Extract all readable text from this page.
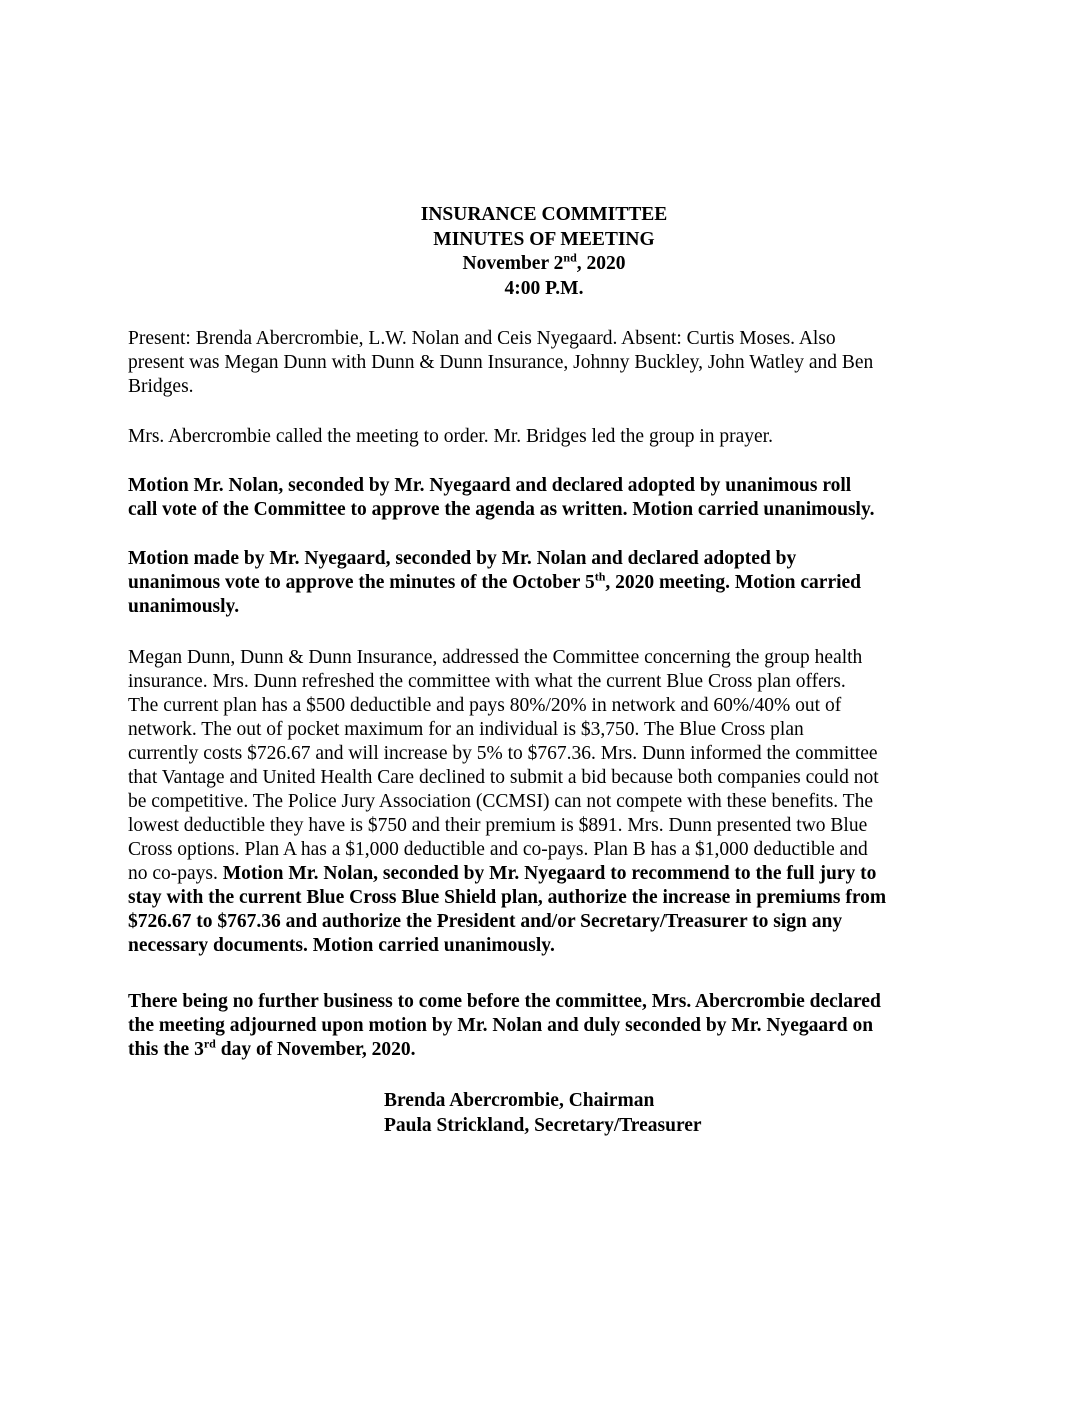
INSURANCE COMMITTEE
MINUTES OF MEETING
November 2nd, 2020
4:00 P.M.
Present: Brenda Abercrombie, L.W. Nolan and Ceis Nyegaard. Absent: Curtis Moses. Also
present was Megan Dunn with Dunn & Dunn Insurance, Johnny Buckley, John Watley and Ben
Bridges.
Mrs. Abercrombie called the meeting to order. Mr. Bridges led the group in prayer.
Motion Mr. Nolan, seconded by Mr. Nyegaard and declared adopted by unanimous roll
call vote of the Committee to approve the agenda as written. Motion carried unanimously.
Motion made by Mr. Nyegaard, seconded by Mr. Nolan and declared adopted by
unanimous vote to approve the minutes of the October 5th, 2020 meeting. Motion carried
unanimously.
Megan Dunn, Dunn & Dunn Insurance, addressed the Committee concerning the group health
insurance. Mrs. Dunn refreshed the committee with what the current Blue Cross plan offers.
The current plan has a $500 deductible and pays 80%/20% in network and 60%/40% out of
network. The out of pocket maximum for an individual is $3,750. The Blue Cross plan
currently costs $726.67 and will increase by 5% to $767.36. Mrs. Dunn informed the committee
that Vantage and United Health Care declined to submit a bid because both companies could not
be competitive. The Police Jury Association (CCMSI) can not compete with these benefits. The
lowest deductible they have is $750 and their premium is $891. Mrs. Dunn presented two Blue
Cross options. Plan A has a $1,000 deductible and co-pays. Plan B has a $1,000 deductible and
no co-pays. Motion Mr. Nolan, seconded by Mr. Nyegaard to recommend to the full jury to
stay with the current Blue Cross Blue Shield plan, authorize the increase in premiums from
$726.67 to $767.36 and authorize the President and/or Secretary/Treasurer to sign any
necessary documents. Motion carried unanimously.
There being no further business to come before the committee, Mrs. Abercrombie declared
the meeting adjourned upon motion by Mr. Nolan and duly seconded by Mr. Nyegaard on
this the 3rd day of November, 2020.
Brenda Abercrombie, Chairman
Paula Strickland, Secretary/Treasurer
